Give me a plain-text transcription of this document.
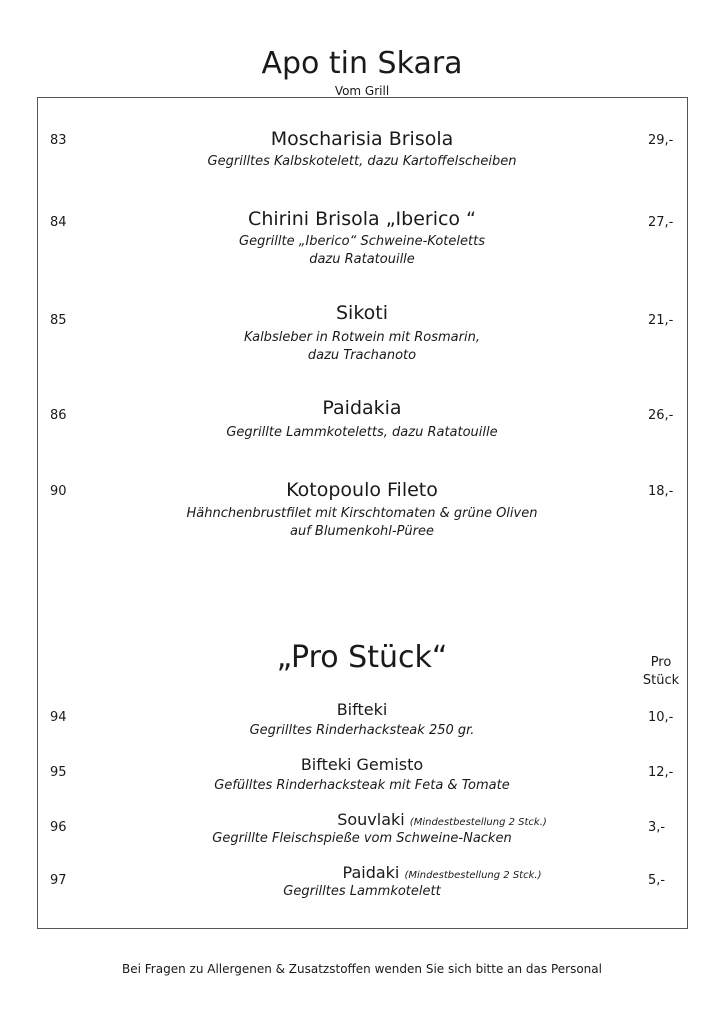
Apo tin Skara
Vom Grill
83	Moscharisia Brisola
Gegrilltes Kalbskotelett, dazu Kartoffelscheiben
29,-
84	Chirini Brisola „Iberico “
Gegrillte „Iberico“ Schweine-Koteletts
dazu Ratatouille
27,-
85	Sikoti
Kalbsleber in Rotwein mit Rosmarin,
dazu Trachanoto
21,-
86	Paidakia
Gegrillte Lammkoteletts, dazu Ratatouille
26,-
90	Kotopoulo Fileto
Hähnchenbrustfilet mit Kirschtomaten & grüne Oliven
auf Blumenkohl-Püree
18,-
„Pro Stück“	Pro
Stück
94	Bifteki
Gegrilltes Rinderhacksteak 250 gr.
10,-
95	Bifteki Gemisto
Gefülltes Rinderhacksteak mit Feta & Tomate
12,-
96	Souvlaki (Mindestbestellung 2 Stck.)
Gegrillte Fleischspieße vom Schweine-Nacken
3,-
97	Paidaki (Mindestbestellung 2 Stck.)
Gegrilltes Lammkotelett
5,-
Bei Fragen zu Allergenen & Zusatzstoffen wenden Sie sich bitte an das Personal
